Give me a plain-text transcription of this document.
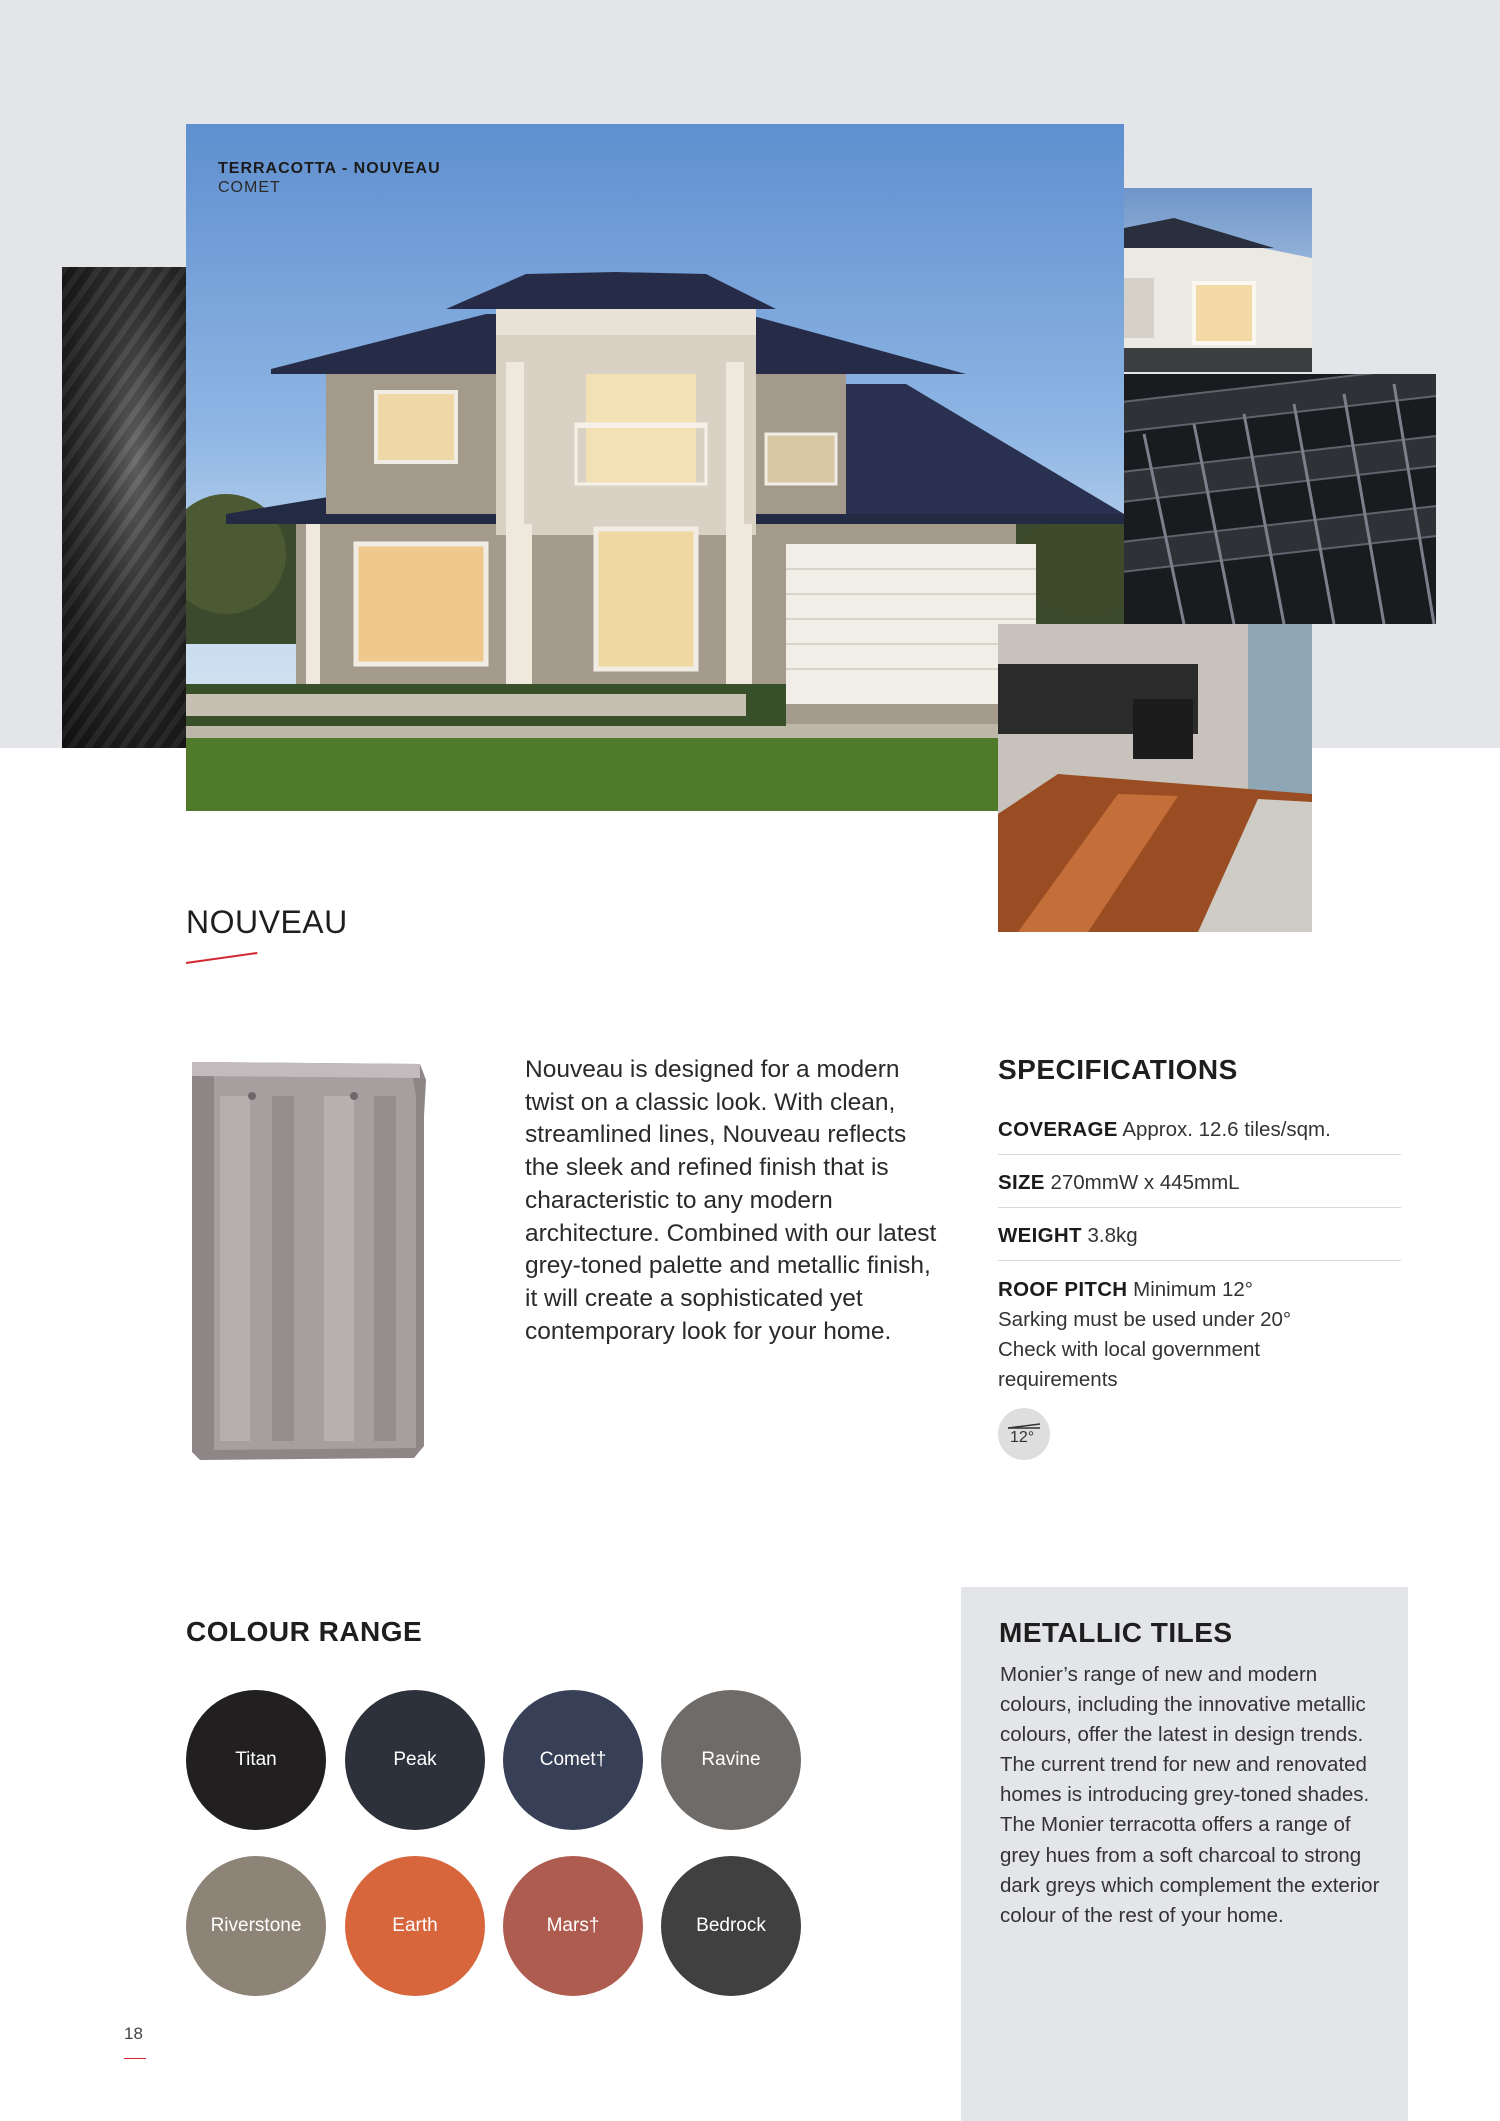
TERRACOTTA - NOUVEAU
COMET
NOUVEAU

Nouveau is designed for a modern twist on a classic look. With clean, streamlined lines, Nouveau reflects the sleek and refined finish that is characteristic to any modern architecture. Combined with our latest grey-toned palette and metallic finish, it will create a sophisticated yet contemporary look for your home.

SPECIFICATIONS
COVERAGE Approx. 12.6 tiles/sqm.
SIZE 270mmW x 445mmL
WEIGHT 3.8kg
ROOF PITCH Minimum 12°
Sarking must be used under 20°
Check with local government requirements
12°
COLOUR RANGE
Titan	Peak	Comet†	Ravine
Riverstone	Earth	Mars†	Bedrock
METALLIC TILES

Monier’s range of new and modern colours, including the innovative metallic colours, offer the latest in design trends. The current trend for new and renovated homes is introducing grey-toned shades. The Monier terracotta offers a range of grey hues from a soft charcoal to strong dark greys which complement the exterior colour of the rest of your home.

18
